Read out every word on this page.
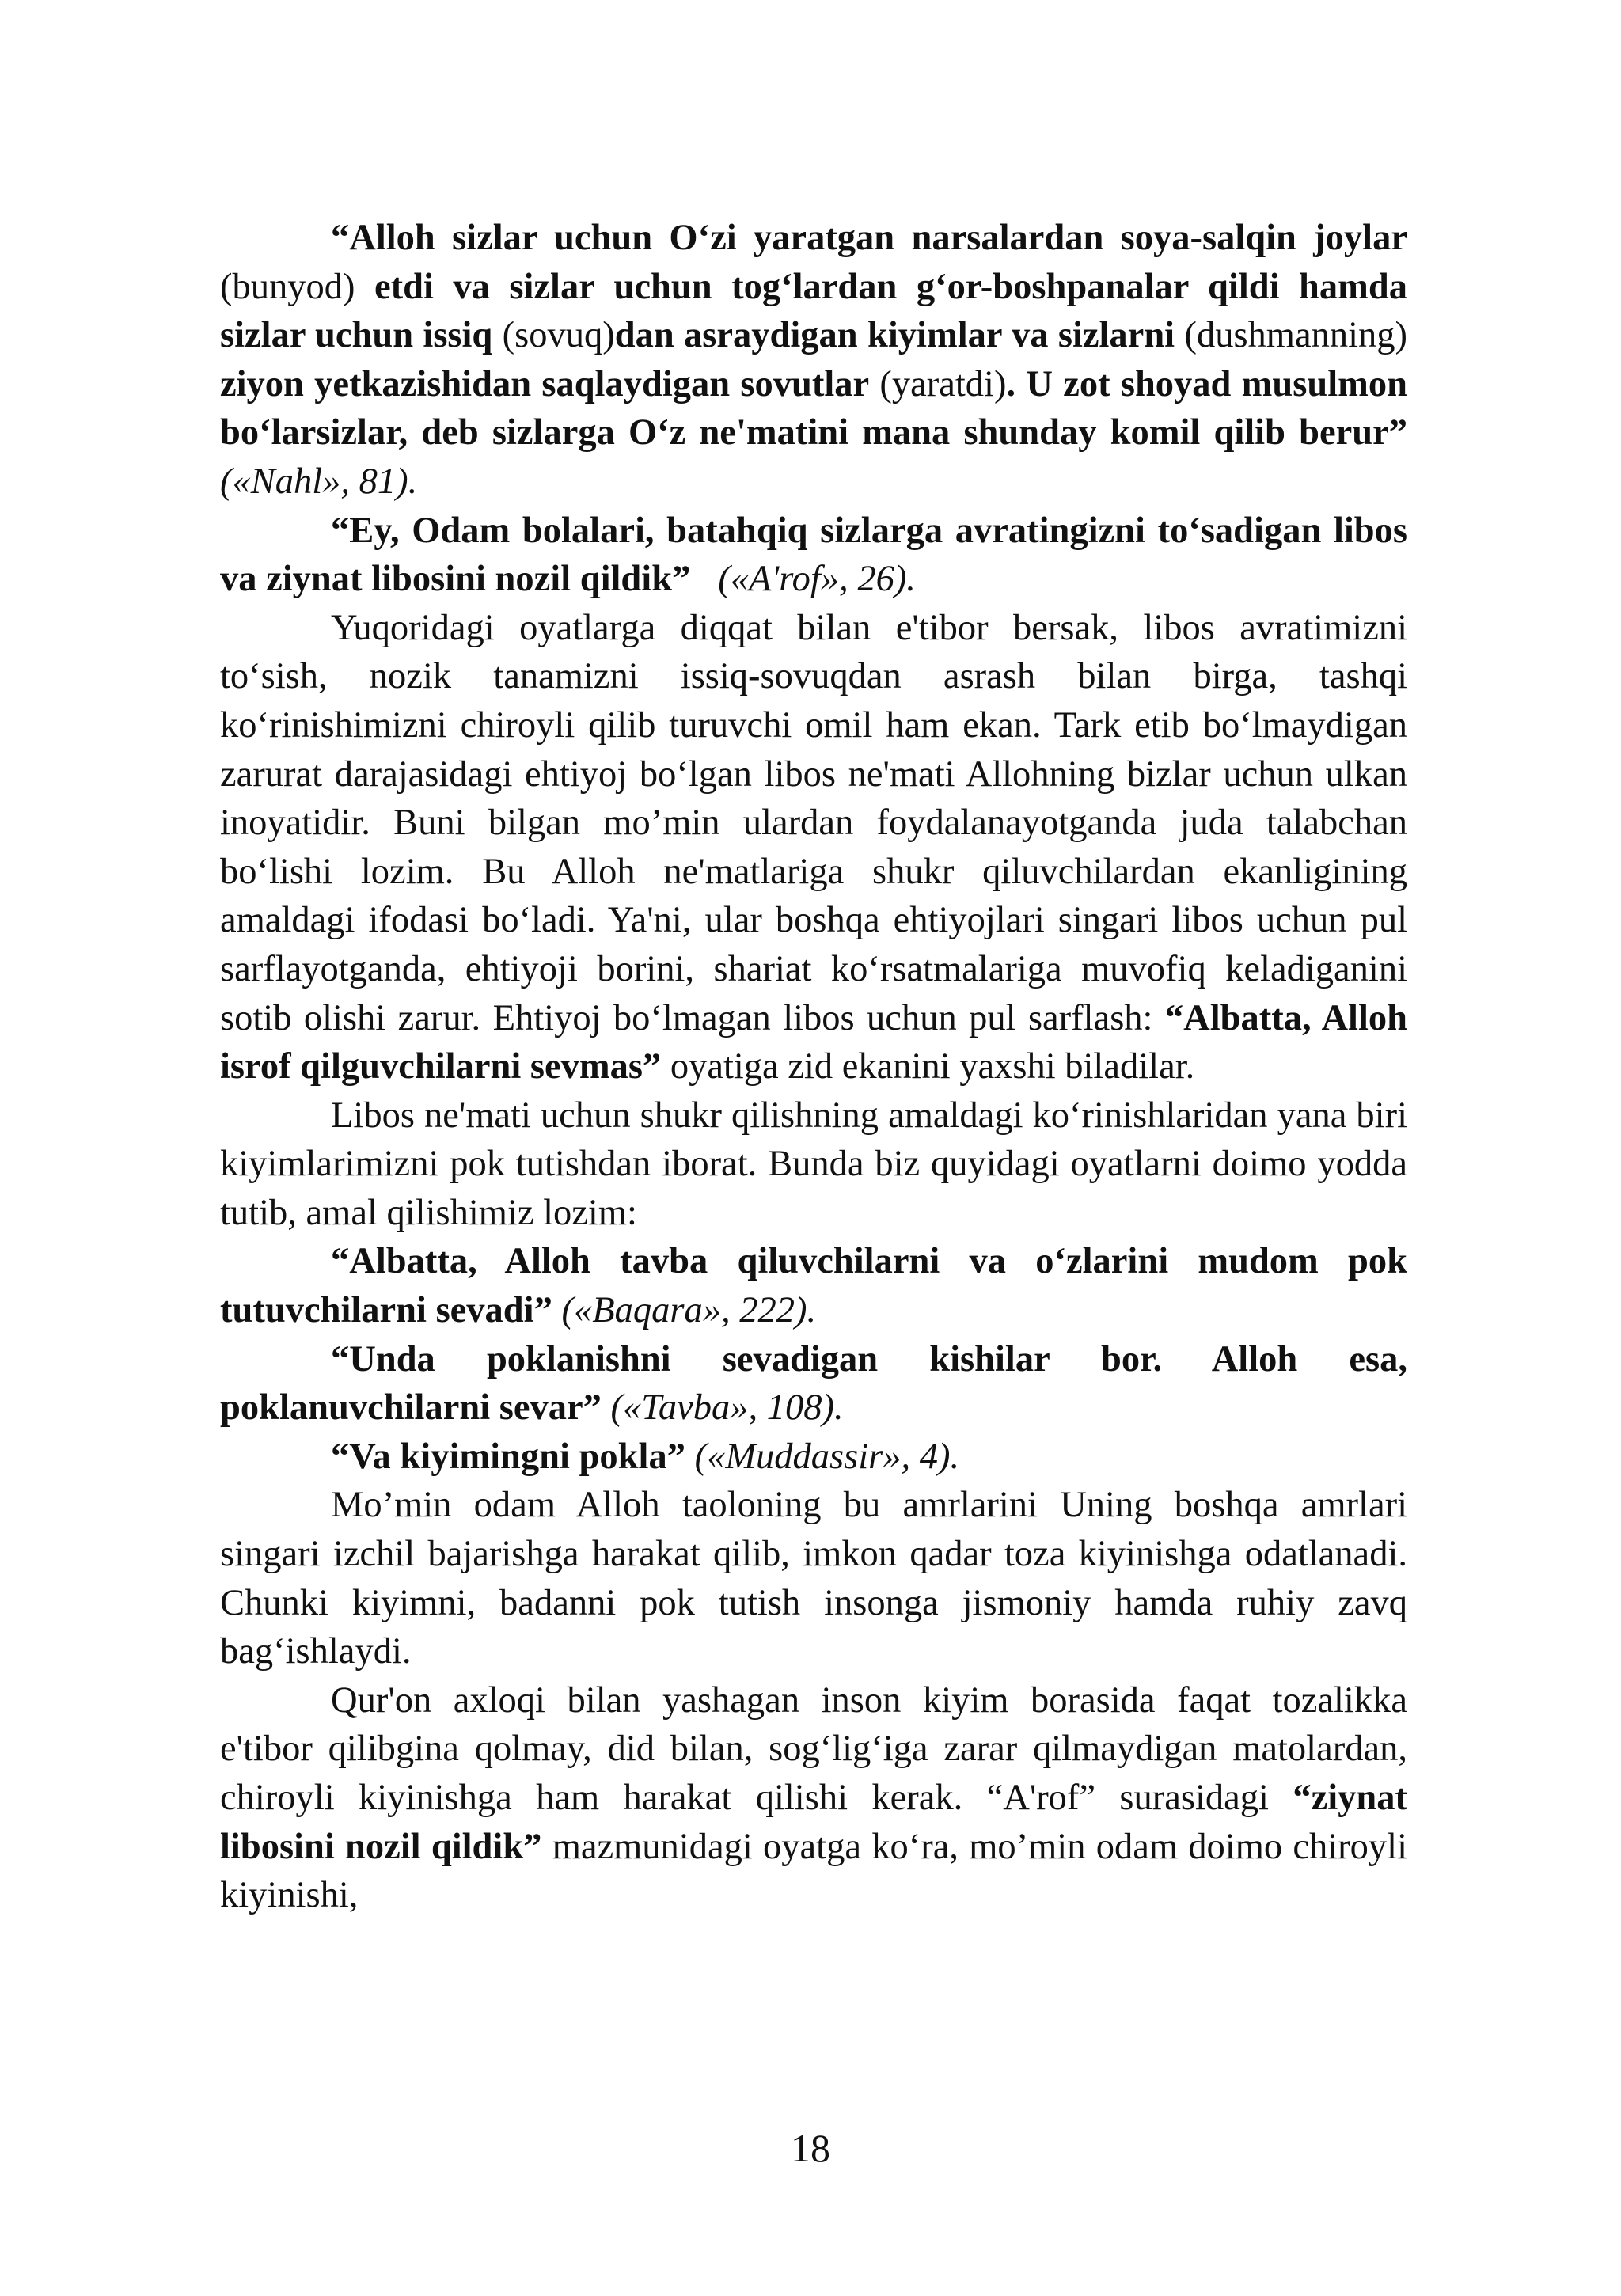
“Alloh sizlar uchun O‘zi yaratgan narsalardan soya-salqin joylar (bunyod) etdi va sizlar uchun tog‘lardan g‘or-boshpanalar qildi hamda sizlar uchun issiq (sovuq)dan asraydigan kiyimlar va sizlarni (dushmanning) ziyon yetkazishidan saqlaydigan sovutlar (yaratdi). U zot shoyad musulmon bo‘larsizlar, deb sizlarga O‘z ne'matini mana shunday komil qilib berur” («Nahl», 81).

“Ey, Odam bolalari, batahqiq sizlarga avratingizni to‘sadigan libos va ziynat libosini nozil qildik”   («A'rof», 26).

Yuqoridagi oyatlarga diqqat bilan e'tibor bersak, libos avratimizni to‘sish, nozik tanamizni issiq-sovuqdan asrash bilan birga, tashqi ko‘rinishimizni chiroyli qilib turuvchi omil ham ekan. Tark etib bo‘lmaydigan zarurat darajasidagi ehtiyoj bo‘lgan libos ne'mati Allohning bizlar uchun ulkan inoyatidir. Buni bilgan mo’min ulardan foydalanayotganda juda talabchan bo‘lishi lozim. Bu Alloh ne'matlariga shukr qiluvchilardan ekanligining amaldagi ifodasi bo‘ladi. Ya'ni, ular boshqa ehtiyojlari singari libos uchun pul sarflayotganda, ehtiyoji borini, shariat ko‘rsatmalariga muvofiq keladiganini sotib olishi zarur. Ehtiyoj bo‘lmagan libos uchun pul sarflash: “Albatta, Alloh isrof qilguvchilarni sevmas” oyatiga zid ekanini yaxshi biladilar.

Libos ne'mati uchun shukr qilishning amaldagi ko‘rinishlaridan yana biri kiyimlarimizni pok tutishdan iborat. Bunda biz quyidagi oyatlarni doimo yodda tutib, amal qilishimiz lozim:

“Albatta, Alloh tavba qiluvchilarni va o‘zlarini mudom pok tutuvchilarni sevadi” («Baqara», 222).

“Unda poklanishni sevadigan kishilar bor. Alloh esa, poklanuvchilarni sevar” («Tavba», 108).

“Va kiyimingni pokla” («Muddassir», 4).

Mo’min odam Alloh taoloning bu amrlarini Uning boshqa amrlari singari izchil bajarishga harakat qilib, imkon qadar toza kiyinishga odatlanadi. Chunki kiyimni, badanni pok tutish insonga jismoniy hamda ruhiy zavq bag‘ishlaydi.

Qur'on axloqi bilan yashagan inson kiyim borasida faqat tozalikka e'tibor qilibgina qolmay, did bilan, sog‘lig‘iga zarar qilmaydigan matolardan, chiroyli kiyinishga ham harakat qilishi kerak. “A'rof” surasidagi “ziynat libosini nozil qildik” mazmunidagi oyatga ko‘ra, mo’min odam doimo chiroyli kiyinishi,

18
